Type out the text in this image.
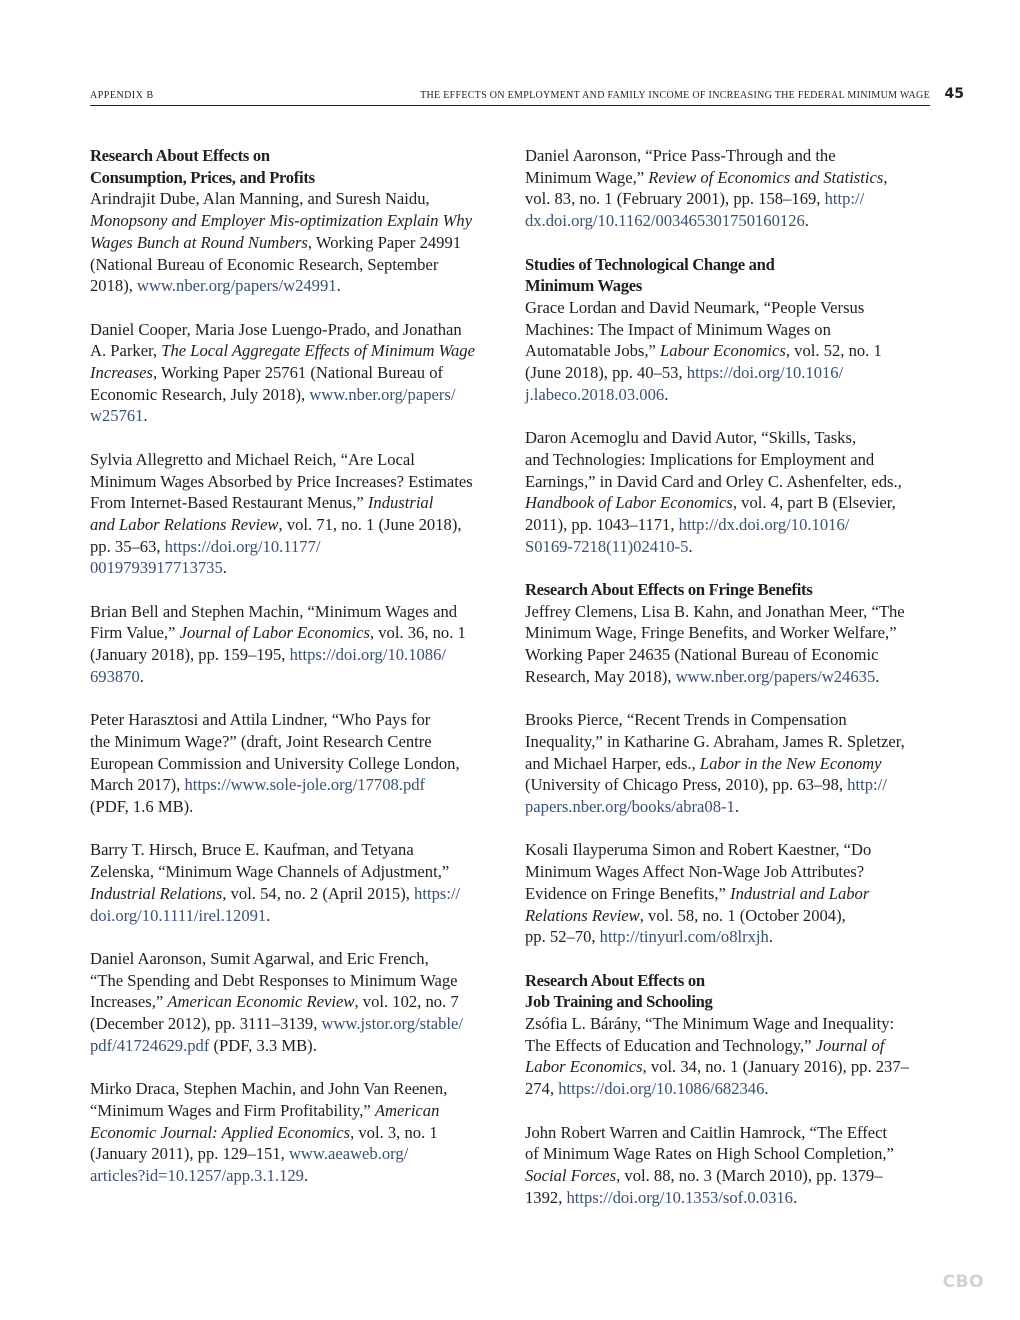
APPENDIX B	THE EFFECTS ON EMPLOYMENT AND FAMILY INCOME OF INCREASING THE FEDERAL MINIMUM WAGE 45
Research About Effects on
Consumption, Prices, and Profits

Arindrajit Dube, Alan Manning, and Suresh Naidu,
Monopsony and Employer Mis-optimization Explain Why
Wages Bunch at Round Numbers, Working Paper 24991
(National Bureau of Economic Research, September
2018), www.nber.org/papers/w24991.

Daniel Cooper, Maria Jose Luengo-Prado, and Jonathan
A. Parker, The Local Aggregate Effects of Minimum Wage
Increases, Working Paper 25761 (National Bureau of
Economic Research, July 2018), www.nber.org/papers/
w25761.

Sylvia Allegretto and Michael Reich, “Are Local
Minimum Wages Absorbed by Price Increases? Estimates
From Internet-Based Restaurant Menus,” Industrial
and Labor Relations Review, vol. 71, no. 1 (June 2018),
pp. 35–63, https://doi.org/10.1177/
0019793917713735.

Brian Bell and Stephen Machin, “Minimum Wages and
Firm Value,” Journal of Labor Economics, vol. 36, no. 1
(January 2018), pp. 159–195, https://doi.org/10.1086/
693870.

Peter Harasztosi and Attila Lindner, “Who Pays for
the Minimum Wage?” (draft, Joint Research Centre
European Commission and University College London,
March 2017), https://www.sole-jole.org/17708.pdf
(PDF, 1.6 MB).

Barry T. Hirsch, Bruce E. Kaufman, and Tetyana
Zelenska, “Minimum Wage Channels of Adjustment,”
Industrial Relations, vol. 54, no. 2 (April 2015), https://
doi.org/10.1111/irel.12091.

Daniel Aaronson, Sumit Agarwal, and Eric French,
“The Spending and Debt Responses to Minimum Wage
Increases,” American Economic Review, vol. 102, no. 7
(December 2012), pp. 3111–3139, www.jstor.org/stable/
pdf/41724629.pdf (PDF, 3.3 MB).

Mirko Draca, Stephen Machin, and John Van Reenen,
“Minimum Wages and Firm Profitability,” American
Economic Journal: Applied Economics, vol. 3, no. 1
(January 2011), pp. 129–151, www.aeaweb.org/
articles?id=10.1257/app.3.1.129.

Daniel Aaronson, “Price Pass-Through and the
Minimum Wage,” Review of Economics and Statistics,
vol. 83, no. 1 (February 2001), pp. 158–169, http://
dx.doi.org/10.1162/003465301750160126.

Studies of Technological Change and
Minimum Wages

Grace Lordan and David Neumark, “People Versus
Machines: The Impact of Minimum Wages on
Automatable Jobs,” Labour Economics, vol. 52, no. 1
(June 2018), pp. 40–53, https://doi.org/10.1016/
j.labeco.2018.03.006.

Daron Acemoglu and David Autor, “Skills, Tasks,
and Technologies: Implications for Employment and
Earnings,” in David Card and Orley C. Ashenfelter, eds.,
Handbook of Labor Economics, vol. 4, part B (Elsevier,
2011), pp. 1043–1171, http://dx.doi.org/10.1016/
S0169-7218(11)02410-5.

Research About Effects on Fringe Benefits

Jeffrey Clemens, Lisa B. Kahn, and Jonathan Meer, “The
Minimum Wage, Fringe Benefits, and Worker Welfare,”
Working Paper 24635 (National Bureau of Economic
Research, May 2018), www.nber.org/papers/w24635.

Brooks Pierce, “Recent Trends in Compensation
Inequality,” in Katharine G. Abraham, James R. Spletzer,
and Michael Harper, eds., Labor in the New Economy
(University of Chicago Press, 2010), pp. 63–98, http://
papers.nber.org/books/abra08-1.

Kosali Ilayperuma Simon and Robert Kaestner, “Do
Minimum Wages Affect Non-Wage Job Attributes?
Evidence on Fringe Benefits,” Industrial and Labor
Relations Review, vol. 58, no. 1 (October 2004),
pp. 52–70, http://tinyurl.com/o8lrxjh.

Research About Effects on
Job Training and Schooling

Zsófia L. Bárány, “The Minimum Wage and Inequality:
The Effects of Education and Technology,” Journal of
Labor Economics, vol. 34, no. 1 (January 2016), pp. 237–
274, https://doi.org/10.1086/682346.

John Robert Warren and Caitlin Hamrock, “The Effect
of Minimum Wage Rates on High School Completion,”
Social Forces, vol. 88, no. 3 (March 2010), pp. 1379–
1392, https://doi.org/10.1353/sof.0.0316.

CBO
